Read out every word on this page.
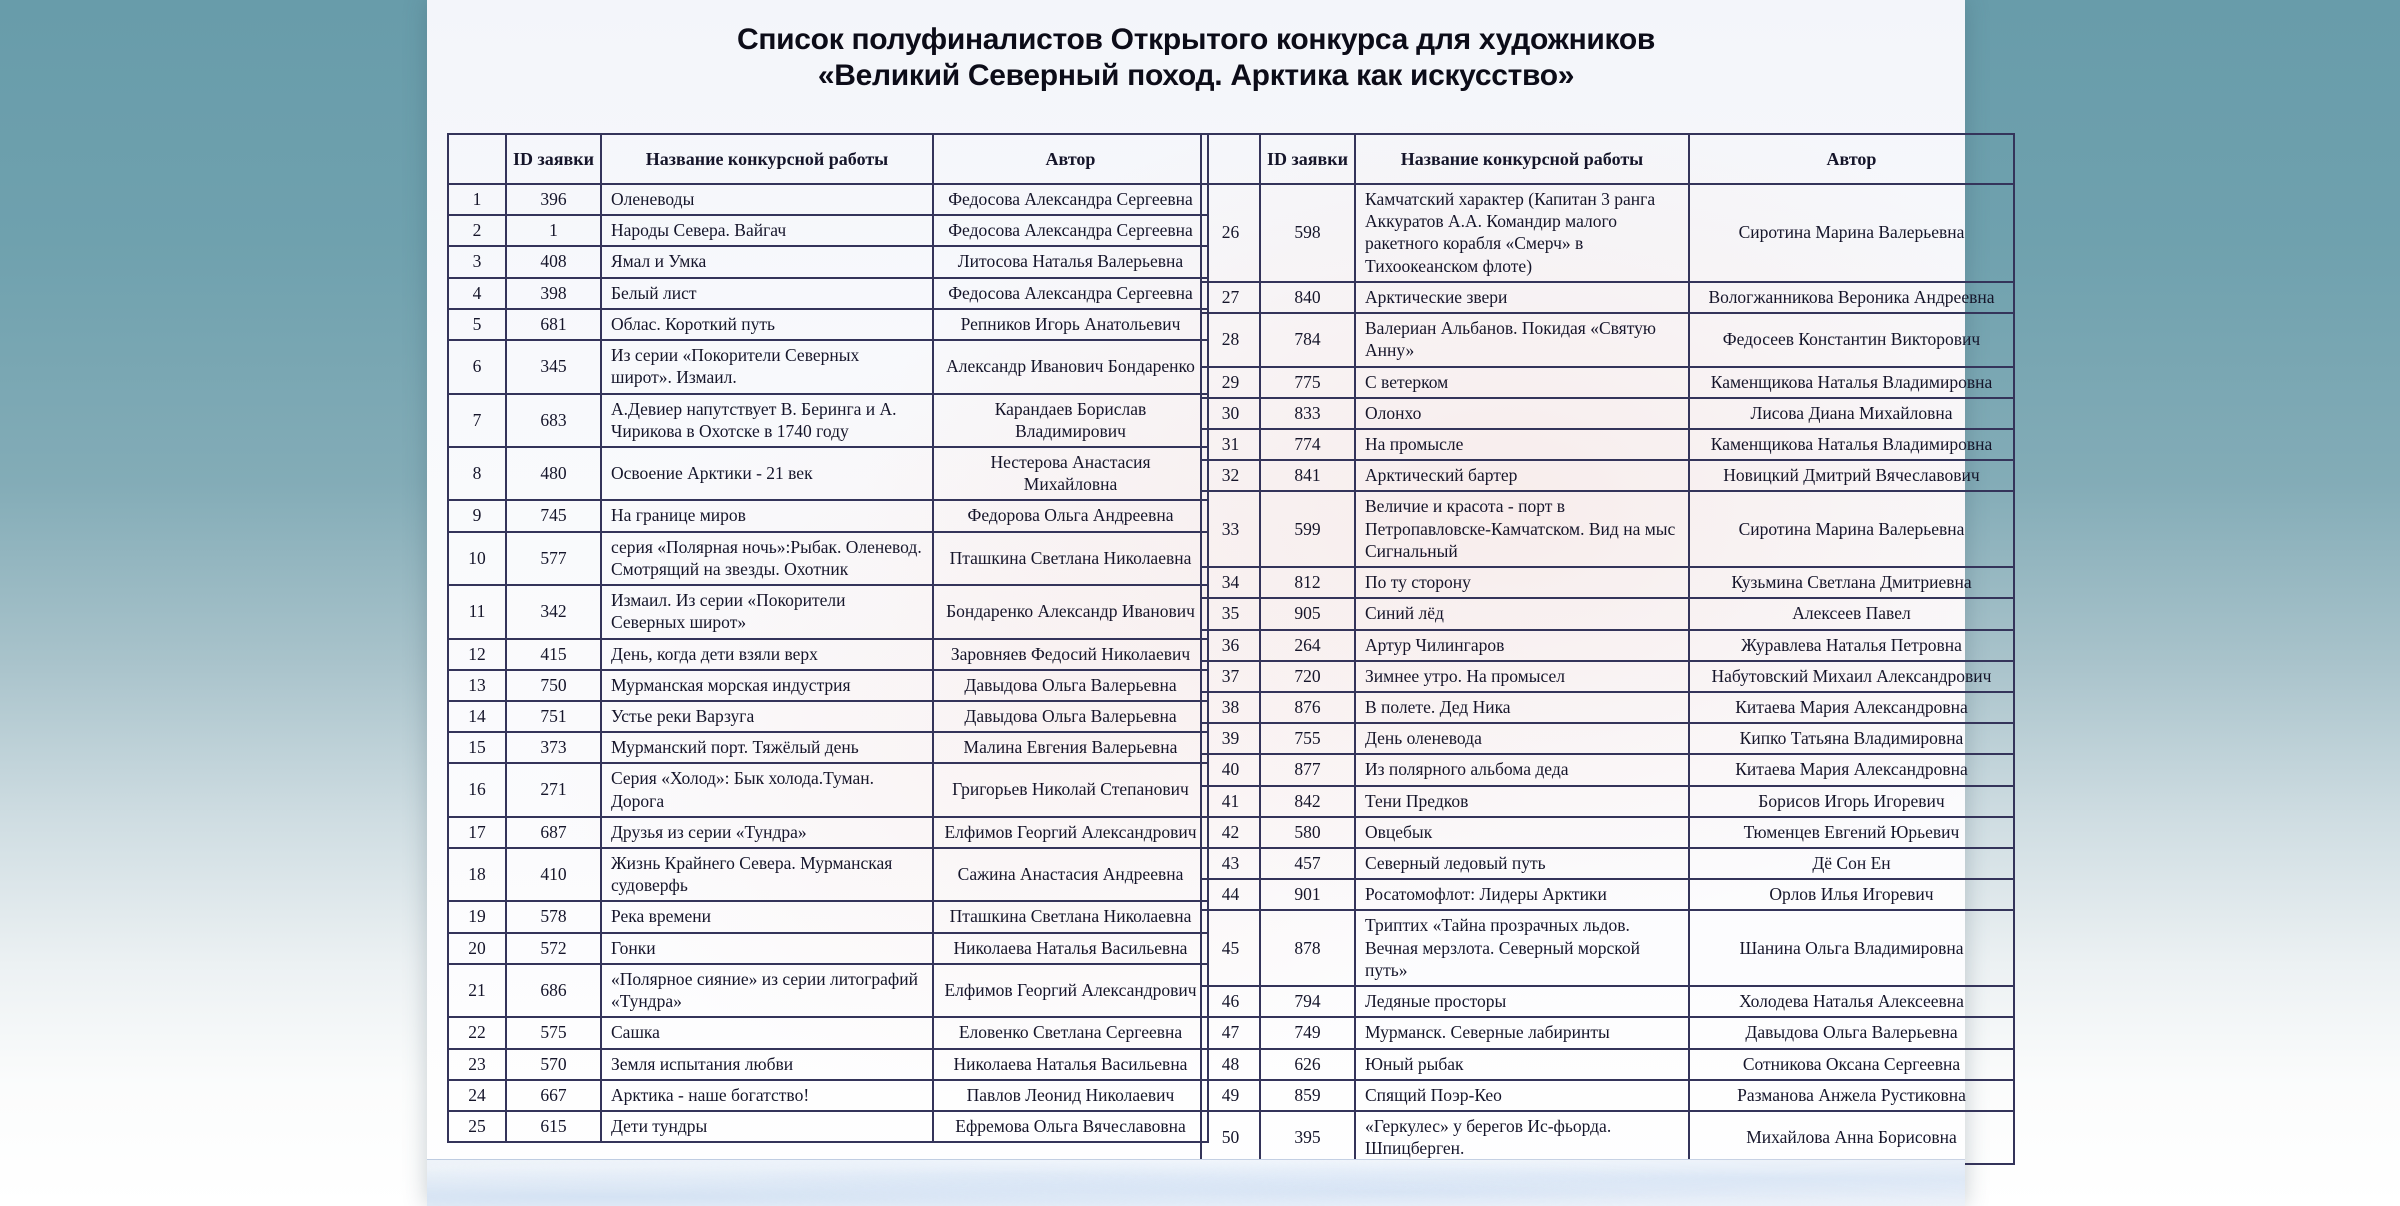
Список полуфиналистов Открытого конкурса для художников
«Великий Северный поход. Арктика как искусство»
	ID заявки	Название конкурсной работы	Автор
1	396	Оленеводы	Федосова Александра Сергеевна
2	1	Народы Севера. Вайгач	Федосова Александра Сергеевна
3	408	Ямал и Умка	Литосова Наталья Валерьевна
4	398	Белый лист	Федосова Александра Сергеевна
5	681	Облас. Короткий путь	Репников Игорь Анатольевич
6	345	Из серии «Покорители Северных широт». Измаил.	Александр Иванович Бондаренко
7	683	А.Девиер напутствует В. Беринга и А. Чирикова в Охотске в 1740 году	Карандаев Борислав Владимирович
8	480	Освоение Арктики - 21 век	Нестерова Анастасия Михайловна
9	745	На границе миров	Федорова Ольга Андреевна
10	577	серия «Полярная ночь»:Рыбак. Оленевод. Смотрящий на звезды. Охотник	Пташкина Светлана Николаевна
11	342	Измаил. Из серии «Покорители Северных широт»	Бондаренко Александр Иванович
12	415	День, когда дети взяли верх	Заровняев Федосий Николаевич
13	750	Мурманская морская индустрия	Давыдова Ольга Валерьевна
14	751	Устье реки Варзуга	Давыдова Ольга Валерьевна
15	373	Мурманский порт. Тяжёлый день	Малина Евгения Валерьевна
16	271	Серия «Холод»: Бык холода.Туман. Дорога	Григорьев Николай Степанович
17	687	Друзья из серии «Тундра»	Елфимов Георгий Александрович
18	410	Жизнь Крайнего Севера. Мурманская судоверфь	Сажина Анастасия Андреевна
19	578	Река времени	Пташкина Светлана Николаевна
20	572	Гонки	Николаева Наталья Васильевна
21	686	«Полярное сияние» из серии литографий «Тундра»	Елфимов Георгий Александрович
22	575	Сашка	Еловенко Светлана Сергеевна
23	570	Земля испытания любви	Николаева Наталья Васильевна
24	667	Арктика - наше богатство!	Павлов Леонид Николаевич
25	615	Дети тундры	Ефремова Ольга Вячеславовна
	ID заявки	Название конкурсной работы	Автор
26	598	Камчатский характер (Капитан 3 ранга Аккуратов А.А. Командир малого ракетного корабля «Смерч» в Тихоокеанском флоте)	Сиротина Марина Валерьевна
27	840	Арктические звери	Вологжанникова Вероника Андреевна
28	784	Валериан Альбанов. Покидая «Святую Анну»	Федосеев Константин Викторович
29	775	С ветерком	Каменщикова Наталья Владимировна
30	833	Олонхо	Лисова Диана Михайловна
31	774	На промысле	Каменщикова Наталья Владимировна
32	841	Арктический бартер	Новицкий Дмитрий Вячеславович
33	599	Величие и красота - порт в Петропавловске-Камчатском. Вид на мыс Сигнальный	Сиротина Марина Валерьевна
34	812	По ту сторону	Кузьмина Светлана Дмитриевна
35	905	Синий лёд	Алексеев Павел
36	264	Артур Чилингаров	Журавлева Наталья Петровна
37	720	Зимнее утро. На промысел	Набутовский Михаил Александрович
38	876	В полете. Дед Ника	Китаева Мария Александровна
39	755	День оленевода	Кипко Татьяна Владимировна
40	877	Из полярного альбома деда	Китаева Мария Александровна
41	842	Тени Предков	Борисов Игорь Игоревич
42	580	Овцебык	Тюменцев Евгений Юрьевич
43	457	Северный ледовый путь	Дё Сон Ен
44	901	Росатомофлот: Лидеры Арктики	Орлов Илья Игоревич
45	878	Триптих «Тайна прозрачных льдов. Вечная мерзлота. Северный морской путь»	Шанина Ольга Владимировна
46	794	Ледяные просторы	Холодева Наталья Алексеевна
47	749	Мурманск. Северные лабиринты	Давыдова Ольга Валерьевна
48	626	Юный рыбак	Сотникова Оксана Сергеевна
49	859	Спящий Поэр-Кео	Разманова Анжела Рустиковна
50	395	«Геркулес» у берегов Ис-фьорда. Шпицберген.	Михайлова Анна Борисовна
